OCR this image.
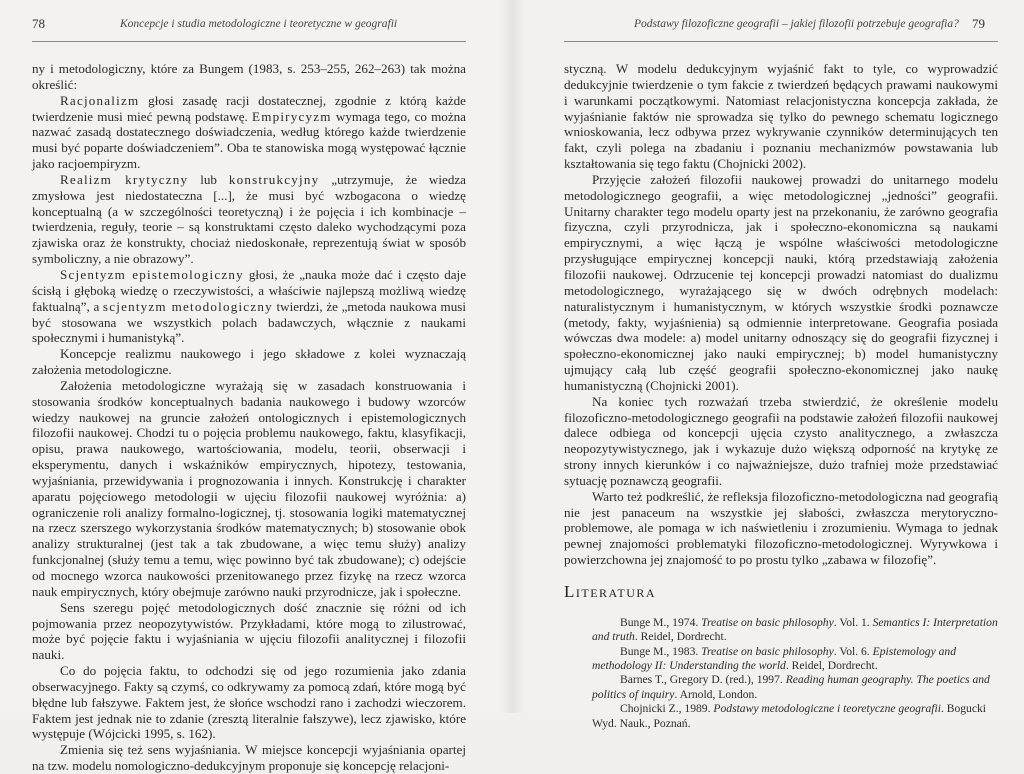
78	Koncepcje i studia metodologiczne i teoretyczne w geografii

ny i metodologiczny, które za Bungem (1983, s. 253–255, 262–263) tak można określić:

Racjonalizm głosi zasadę racji dostatecznej, zgodnie z którą każde twierdzenie musi mieć pewną podstawę. Empirycyzm wymaga tego, co można nazwać zasadą dostatecznego doświadczenia, według którego każde twierdzenie musi być poparte doświadczeniem”. Oba te stanowiska mogą występować łącznie jako racjoempiryzm.

Realizm krytyczny lub konstrukcyjny „utrzymuje, że wiedza zmysłowa jest niedostateczna [...], że musi być wzbogacona o wiedzę konceptualną (a w szczególności teoretyczną) i że pojęcia i ich kombinacje – twierdzenia, reguły, teorie – są konstruktami często daleko wychodzącymi poza zjawiska oraz że konstrukty, chociaż niedoskonałe, reprezentują świat w sposób symboliczny, a nie obrazowy”.

Scjentyzm epistemologiczny głosi, że „nauka może dać i często daje ścisłą i głęboką wiedzę o rzeczywistości, a właściwie najlepszą możliwą wiedzę faktualną”, a scjentyzm metodologiczny twierdzi, że „metoda naukowa musi być stosowana we wszystkich polach badawczych, włącznie z naukami społecznymi i humanistyką”.

Koncepcje realizmu naukowego i jego składowe z kolei wyznaczają założenia metodologiczne.

Założenia metodologiczne wyrażają się w zasadach konstruowania i stosowania środków konceptualnych badania naukowego i budowy wzorców wiedzy naukowej na gruncie założeń ontologicznych i epistemologicznych filozofii naukowej. Chodzi tu o pojęcia problemu naukowego, faktu, klasyfikacji, opisu, prawa naukowego, wartościowania, modelu, teorii, obserwacji i eksperymentu, danych i wskaźników empirycznych, hipotezy, testowania, wyjaśniania, przewidywania i prognozowania i innych. Konstrukcję i charakter aparatu pojęciowego metodologii w ujęciu filozofii naukowej wyróżnia: a) ograniczenie roli analizy formalno-logicznej, tj. stosowania logiki matematycznej na rzecz szerszego wykorzystania środków matematycznych; b) stosowanie obok analizy strukturalnej (jest tak a tak zbudowane, a więc temu służy) analizy funkcjonalnej (służy temu a temu, więc powinno być tak zbudowane); c) odejście od mocnego wzorca naukowości przenitowanego przez fizykę na rzecz wzorca nauk empirycznych, który obejmuje zarówno nauki przyrodnicze, jak i społeczne.

Sens szeregu pojęć metodologicznych dość znacznie się różni od ich pojmowania przez neopozytywistów. Przykładami, które mogą to zilustrować, może być pojęcie faktu i wyjaśniania w ujęciu filozofii analitycznej i filozofii nauki.

Co do pojęcia faktu, to odchodzi się od jego rozumienia jako zdania obserwacyjnego. Fakty są czymś, co odkrywamy za pomocą zdań, które mogą być błędne lub fałszywe. Faktem jest, że słońce wschodzi rano i zachodzi wieczorem. Faktem jest jednak nie to zdanie (zresztą literalnie fałszywe), lecz zjawisko, które występuje (Wójcicki 1995, s. 162).

Zmienia się też sens wyjaśniania. W miejsce koncepcji wyjaśniania opartej na tzw. modelu nomologiczno-dedukcyjnym proponuje się koncepcję relacjoni-

Podstawy filozoficzne geografii – jakiej filozofii potrzebuje geografia? 79

styczną. W modelu dedukcyjnym wyjaśnić fakt to tyle, co wyprowadzić dedukcyjnie twierdzenie o tym fakcie z twierdzeń będących prawami naukowymi i warunkami początkowymi. Natomiast relacjonistyczna koncepcja zakłada, że wyjaśnianie faktów nie sprowadza się tylko do pewnego schematu logicznego wnioskowania, lecz odbywa przez wykrywanie czynników determinujących ten fakt, czyli polega na zbadaniu i poznaniu mechanizmów powstawania lub kształtowania się tego faktu (Chojnicki 2002).

Przyjęcie założeń filozofii naukowej prowadzi do unitarnego modelu metodologicznego geografii, a więc metodologicznej „jedności” geografii. Unitarny charakter tego modelu oparty jest na przekonaniu, że zarówno geografia fizyczna, czyli przyrodnicza, jak i społeczno-ekonomiczna są naukami empirycznymi, a więc łączą je wspólne właściwości metodologiczne przysługujące empirycznej koncepcji nauki, którą przedstawiają założenia filozofii naukowej. Odrzucenie tej koncepcji prowadzi natomiast do dualizmu metodologicznego, wyrażającego się w dwóch odrębnych modelach: naturalistycznym i humanistycznym, w których wszystkie środki poznawcze (metody, fakty, wyjaśnienia) są odmiennie interpretowane. Geografia posiada wówczas dwa modele: a) model unitarny odnoszący się do geografii fizycznej i społeczno-ekonomicznej jako nauki empirycznej; b) model humanistyczny ujmujący całą lub część geografii społeczno-ekonomicznej jako naukę humanistyczną (Chojnicki 2001).

Na koniec tych rozważań trzeba stwierdzić, że określenie modelu filozoficzno-metodologicznego geografii na podstawie założeń filozofii naukowej dalece odbiega od koncepcji ujęcia czysto analitycznego, a zwłaszcza neopozytywistycznego, jak i wykazuje dużo większą odporność na krytykę ze strony innych kierunków i co najważniejsze, dużo trafniej może przedstawiać sytuację poznawczą geografii.

Warto też podkreślić, że refleksja filozoficzno-metodologiczna nad geografią nie jest panaceum na wszystkie jej słabości, zwłaszcza merytoryczno-problemowe, ale pomaga w ich naświetleniu i zrozumieniu. Wymaga to jednak pewnej znajomości problematyki filozoficzno-metodologicznej. Wyrywkowa i powierzchowna jej znajomość to po prostu tylko „zabawa w filozofię”.

Literatura

Bunge M., 1974. Treatise on basic philosophy. Vol. 1. Semantics I: Interpretation and truth. Reidel, Dordrecht.

Bunge M., 1983. Treatise on basic philosophy. Vol. 6. Epistemology and methodology II: Understanding the world. Reidel, Dordrecht.

Barnes T., Gregory D. (red.), 1997. Reading human geography. The poetics and politics of inquiry. Arnold, London.

Chojnicki Z., 1989. Podstawy metodologiczne i teoretyczne geografii. Bogucki Wyd. Nauk., Poznań.
